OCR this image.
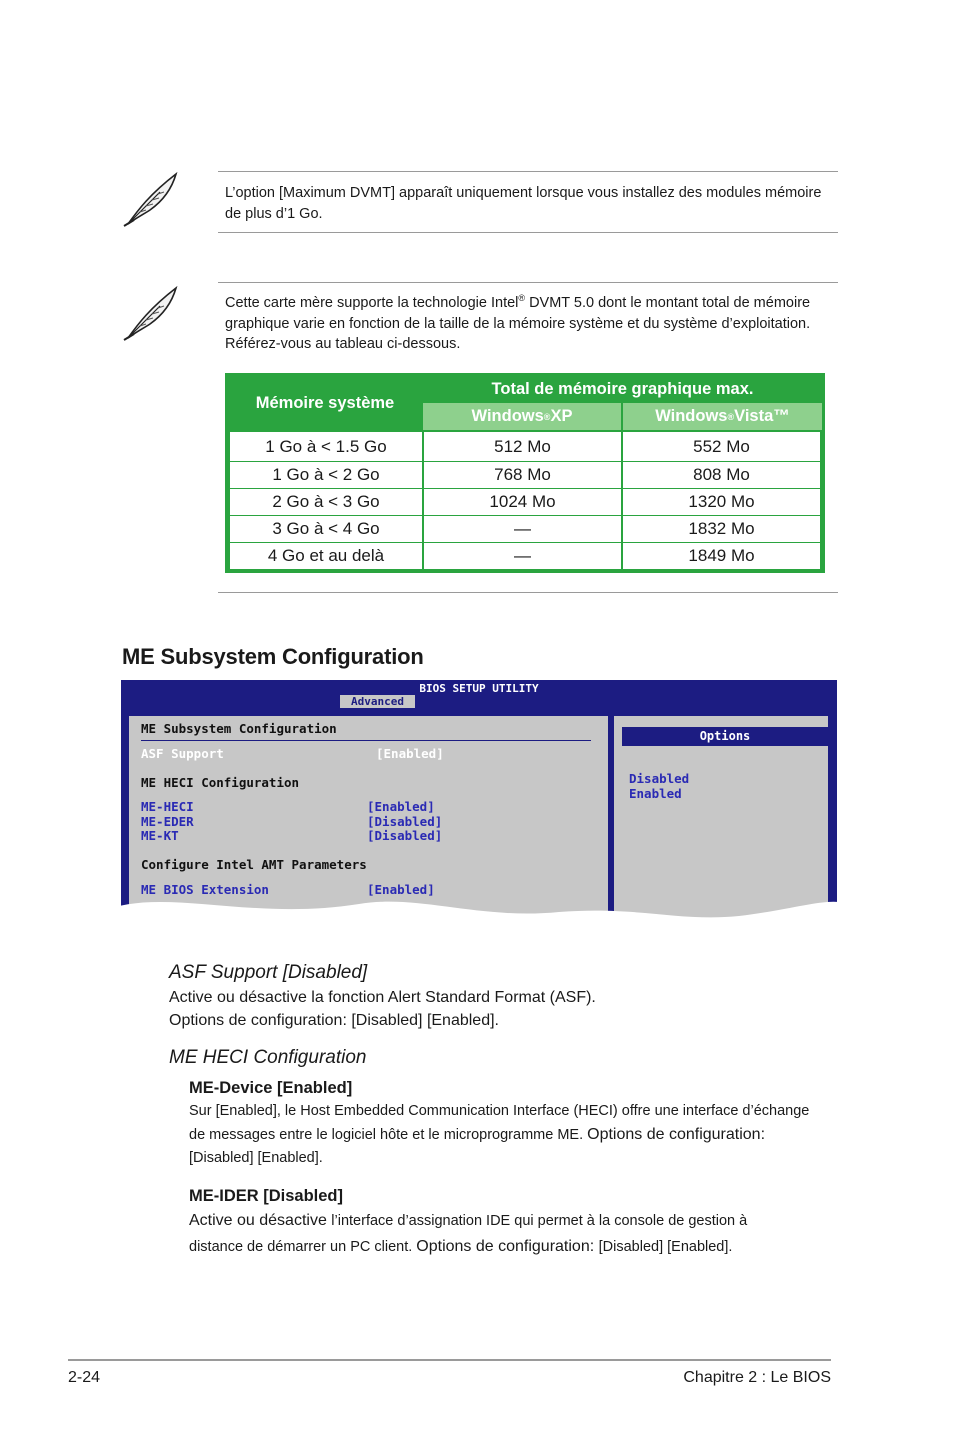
L’option [Maximum DVMT] apparaît uniquement lorsque vous installez des modules mémoire de plus d’1 Go.
Cette carte mère supporte la technologie Intel® DVMT 5.0 dont le montant total de mémoire graphique varie en fonction de la taille de la mémoire système et du système d’exploitation. Référez-vous au tableau ci-dessous.
Mémoire système
Total de mémoire graphique max.
Windows ® XP	Windows ® Vista™
1 Go à < 1.5 Go	512 Mo	552 Mo
1 Go à < 2 Go	768 Mo	808 Mo
2 Go à < 3 Go	1024 Mo	1320 Mo
3 Go à < 4 Go	—	1832 Mo
4 Go et au delà	—	1849 Mo
ME Subsystem Configuration
BIOS SETUP UTILITY
Advanced
ME Subsystem Configuration
ASF Support	[Enabled]
ME HECI Configuration
ME-HECI	[Enabled]
ME-EDER	[Disabled]
ME-KT	[Disabled]
Configure Intel AMT Parameters
ME BIOS Extension	[Enabled]
Options
Disabled
Enabled
ASF Support [Disabled]
Active ou désactive la fonction Alert Standard Format (ASF).
Options de configuration: [Disabled] [Enabled].
ME HECI Configuration
ME-Device [Enabled]
Sur [Enabled], le Host Embedded Communication Interface (HECI) offre une interface d’échange
de messages entre le logiciel hôte et le microprogramme ME. Options de configuration:
[Disabled] [Enabled].
ME-IDER [Disabled]
Active ou désactive l’interface d’assignation IDE qui permet à la console de gestion à
distance de démarrer un PC client. Options de configuration: [Disabled] [Enabled].
2-24	Chapitre 2 : Le BIOS
